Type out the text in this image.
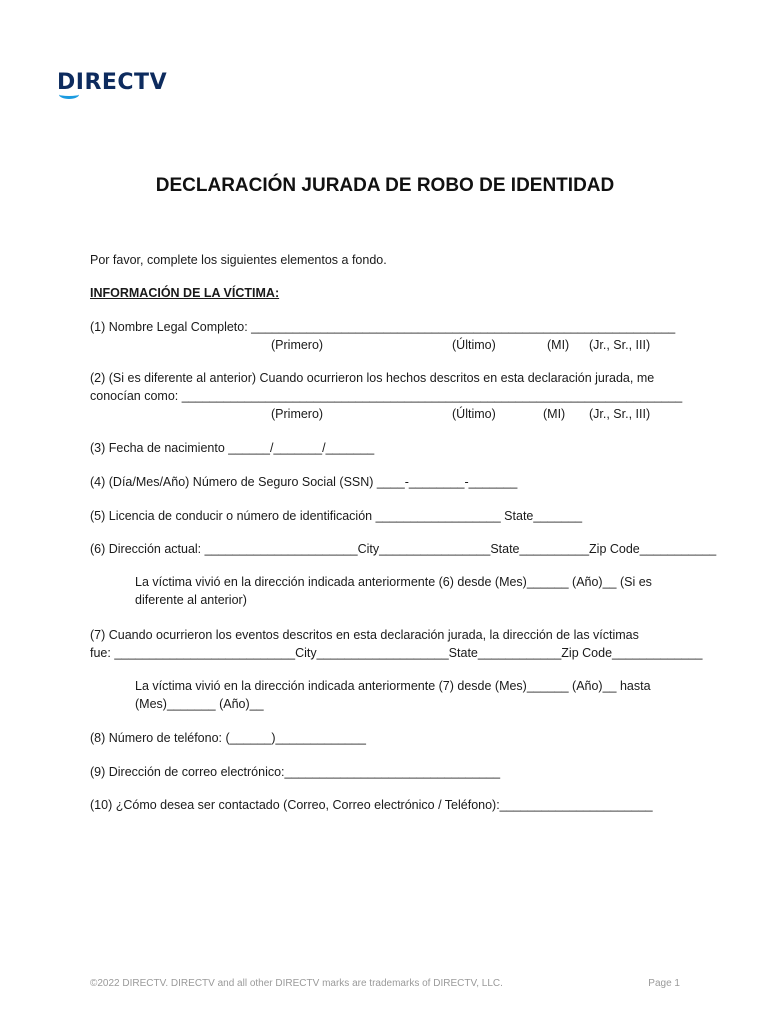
DIRECTV
DECLARACIÓN JURADA DE ROBO DE IDENTIDAD
Por favor, complete los siguientes elementos a fondo.
INFORMACIÓN DE LA VÍCTIMA:
(1) Nombre Legal Completo: _____________________________________________________________
(Primero)	(Último)	(MI) (Jr., Sr., III)
(2) (Si es diferente al anterior) Cuando ocurrieron los hechos descritos en esta declaración jurada, me
conocían como: ________________________________________________________________________
(Primero)	(Último)	(MI) (Jr., Sr., III)
(3) Fecha de nacimiento ______/_______/_______
(4) (Día/Mes/Año) Número de Seguro Social (SSN) ____-________-_______
(5) Licencia de conducir o número de identificación __________________ State_______
(6) Dirección actual: ______________________City________________State__________Zip Code___________
La víctima vivió en la dirección indicada anteriormente (6) desde (Mes)______ (Año)__ (Si es
diferente al anterior)
(7) Cuando ocurrieron los eventos descritos en esta declaración jurada, la dirección de las víctimas
fue: __________________________City___________________State____________Zip Code_____________
La víctima vivió en la dirección indicada anteriormente (7) desde (Mes)______ (Año)__ hasta
(Mes)_______ (Año)__
(8) Número de teléfono: (______)_____________
(9) Dirección de correo electrónico:_______________________________
(10) ¿Cómo desea ser contactado (Correo, Correo electrónico / Teléfono):______________________
©2022 DIRECTV. DIRECTV and all other DIRECTV marks are trademarks of DIRECTV, LLC.	Page 1
